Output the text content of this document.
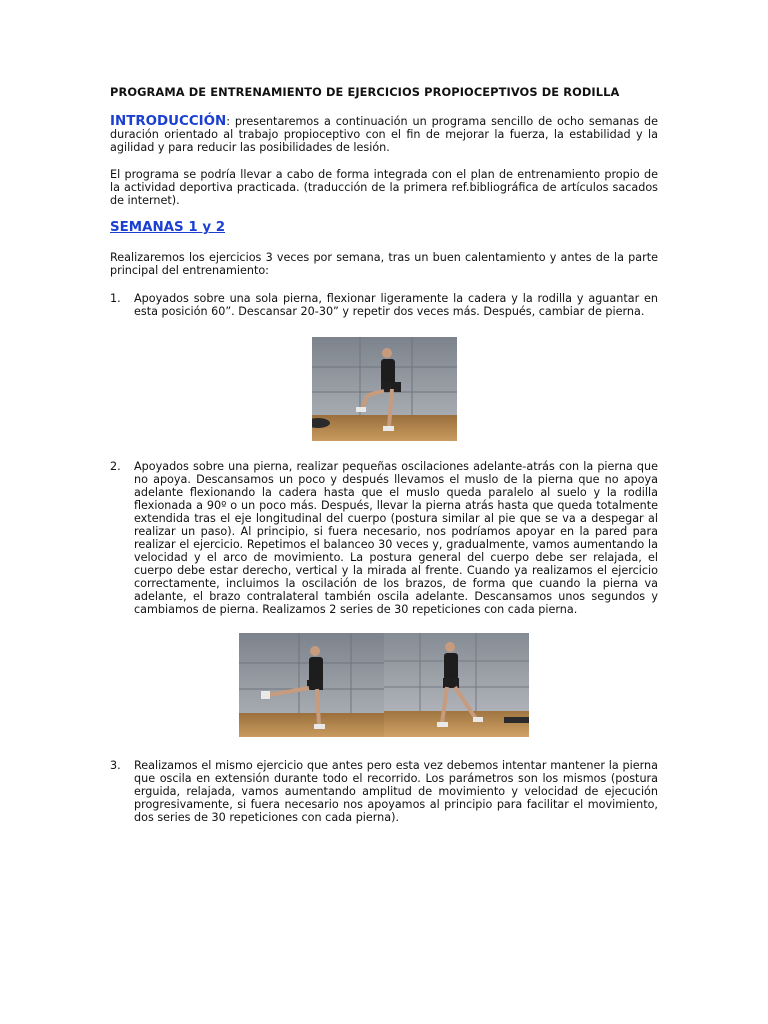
PROGRAMA DE ENTRENAMIENTO DE EJERCICIOS PROPIOCEPTIVOS DE RODILLA

INTRODUCCIÓN: presentaremos a continuación un programa sencillo de ocho semanas de duración orientado al trabajo propioceptivo con el fin de mejorar la fuerza, la estabilidad y la agilidad y para reducir las posibilidades de lesión.

El programa se podría llevar a cabo de forma integrada con el plan de entrenamiento propio de la actividad deportiva practicada. (traducción de la primera ref.bibliográfica de artículos sacados de internet).

SEMANAS 1 y 2

Realizaremos los ejercicios 3 veces por semana, tras un buen calentamiento y antes de la parte principal del entrenamiento:

1. Apoyados sobre una sola pierna, flexionar ligeramente la cadera y la rodilla y aguantar en esta posición 60”. Descansar 20-30” y repetir dos veces más. Después, cambiar de pierna.

2. Apoyados sobre una pierna, realizar pequeñas oscilaciones adelante-atrás con la pierna que no apoya. Descansamos un poco y después llevamos el muslo de la pierna que no apoya adelante flexionando la cadera hasta que el muslo queda paralelo al suelo y la rodilla flexionada a 90º o un poco más. Después, llevar la pierna atrás hasta que queda totalmente extendida tras el eje longitudinal del cuerpo (postura similar al pie que se va a despegar al realizar un paso). Al principio, si fuera necesario, nos podríamos apoyar en la pared para realizar el ejercicio. Repetimos el balanceo 30 veces y, gradualmente, vamos aumentando la velocidad y el arco de movimiento. La postura general del cuerpo debe ser relajada, el cuerpo debe estar derecho, vertical y la mirada al frente. Cuando ya realizamos el ejercicio correctamente, incluimos la oscilación de los brazos, de forma que cuando la pierna va adelante, el brazo contralateral también oscila adelante. Descansamos unos segundos y cambiamos de pierna. Realizamos 2 series de 30 repeticiones con cada pierna.

3. Realizamos el mismo ejercicio que antes pero esta vez debemos intentar mantener la pierna que oscila en extensión durante todo el recorrido. Los parámetros son los mismos (postura erguida, relajada, vamos aumentando amplitud de movimiento y velocidad de ejecución progresivamente, si fuera necesario nos apoyamos al principio para facilitar el movimiento, dos series de 30 repeticiones con cada pierna).
